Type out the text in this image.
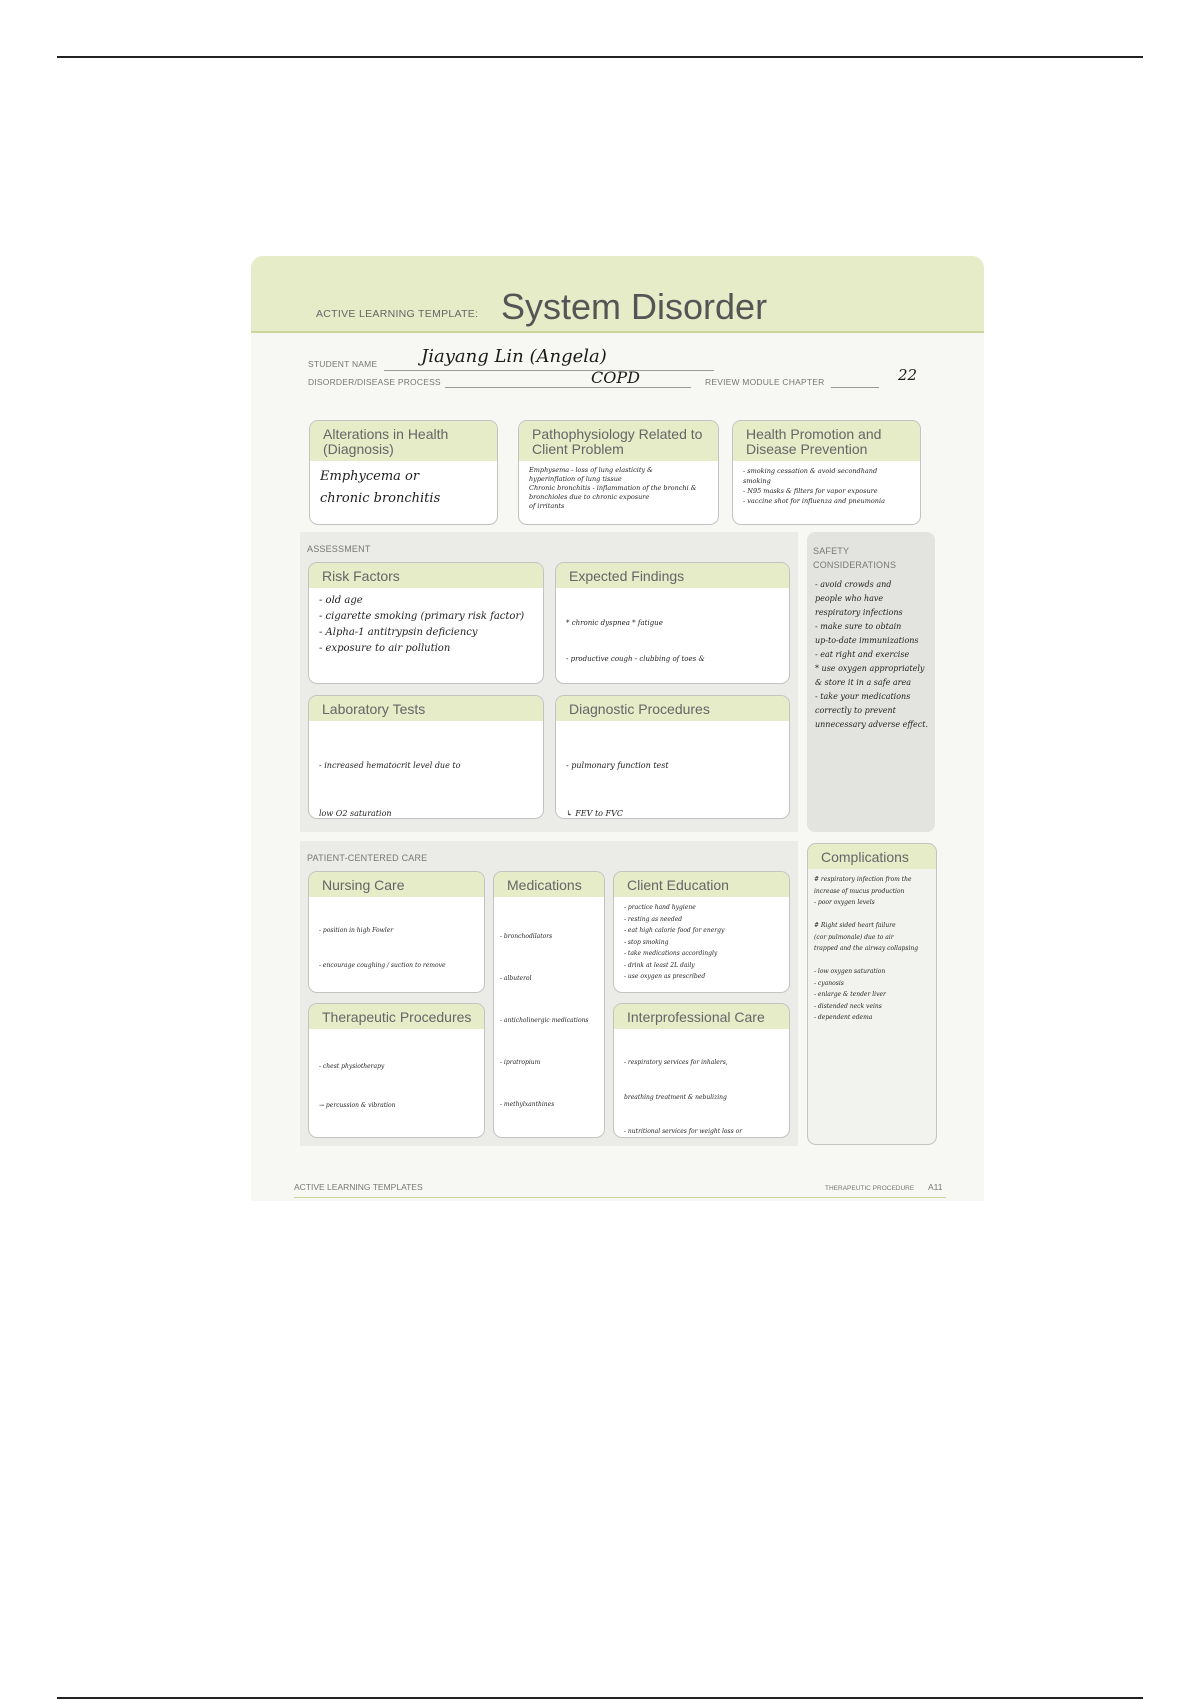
ACTIVE LEARNING TEMPLATE: System Disorder
STUDENT NAME Jiayang Lin (Angela)
DISORDER/DISEASE PROCESS	COPD	REVIEW MODULE CHAPTER	22
Alterations in Health (Diagnosis)
Emphycema or
chronic bronchitis
Pathophysiology Related to Client Problem
Emphysema - loss of lung elasticity &
hyperinflation of lung tissue
Chronic bronchitis - inflammation of the bronchi &
bronchioles due to chronic exposure
of irritants
Health Promotion and Disease Prevention
- smoking cessation & avoid secondhand
smoking
- N95 masks & filters for vapor exposure
- vaccine shot for influenza and pneumonia
ASSESSMENT
Risk Factors
- old age
- cigarette smoking (primary risk factor)
- Alpha-1 antitrypsin deficiency
- exposure to air pollution
Expected Findings

* chronic dyspnea * fatigue

- productive cough - clubbing of toes &

Laboratory Tests

- increased hematocrit level due to

low O2 saturation

Diagnostic Procedures

- pulmonary function test

↳ FEV to FVC

SAFETY CONSIDERATIONS
- avoid crowds and
people who have
respiratory infections
- make sure to obtain
up-to-date immunizations
- eat right and exercise
* use oxygen appropriately
& store it in a safe area
- take your medications
correctly to prevent
unnecessary adverse effect.
PATIENT-CENTERED CARE
Nursing Care

- position in high Fowler

- encourage coughing / suction to remove

Medications

- bronchodilators

- albuterol

- anticholinergic medications

- ipratropium

- methylxanthines

Client Education
- practice hand hygiene
- resting as needed
- eat high calorie food for energy
- stop smoking
- take medications accordingly
- drink at least 2L daily
- use oxygen as prescribed
Therapeutic Procedures

- chest physiotherapy

→ percussion & vibration

Interprofessional Care

- respiratory services for inhalers,

breathing treatment & nebulizing

- nutritional services for weight loss or

Complications
# respiratory infection from the
increase of mucus production
- poor oxygen levels

# Right sided heart failure
(cor pulmonale) due to air
trapped and the airway collapsing

- low oxygen saturation
- cyanosis
- enlarge & tender liver
- distended neck veins
- dependent edema
ACTIVE LEARNING TEMPLATES	THERAPEUTIC PROCEDURE A11
